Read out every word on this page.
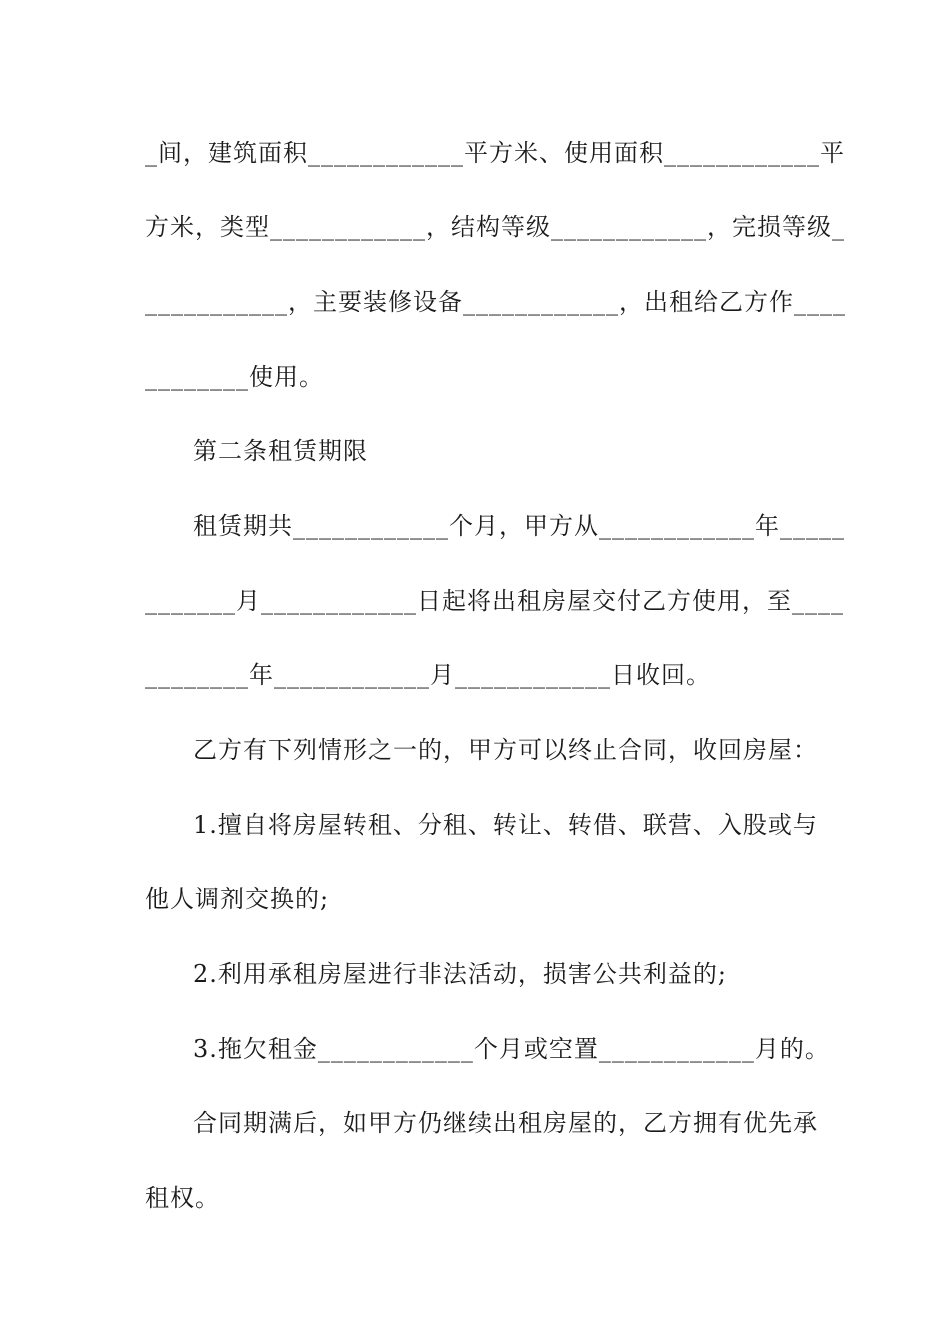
_间，建筑面积____________平方米、使用面积____________平
方米，类型____________，结构等级____________，完损等级_
___________，主要装修设备____________，出租给乙方作____
________使用。
第二条租赁期限
租赁期共____________个月，甲方从____________年_____
_______月____________日起将出租房屋交付乙方使用，至____
________年____________月____________日收回。
乙方有下列情形之一的，甲方可以终止合同，收回房屋：
1.擅自将房屋转租、分租、转让、转借、联营、入股或与
他人调剂交换的;
2.利用承租房屋进行非法活动，损害公共利益的;
3.拖欠租金____________个月或空置____________月的。
合同期满后，如甲方仍继续出租房屋的，乙方拥有优先承
租权。
